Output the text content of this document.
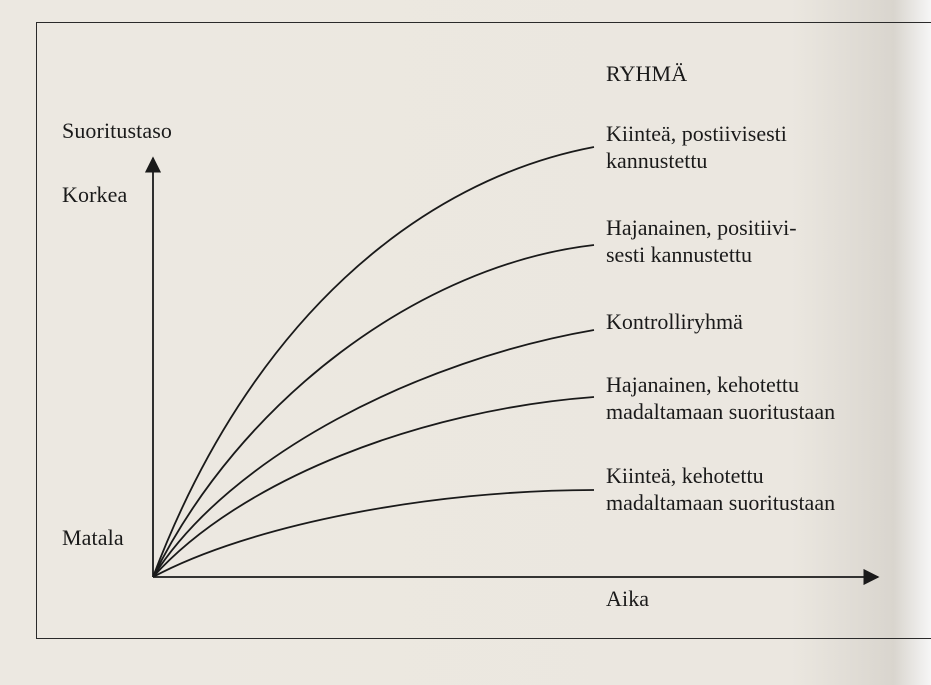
Suoritustaso
Korkea
Matala
Aika
RYHMÄ
Kiinteä, postiivisesti
kannustettu
Hajanainen, positiivi-
sesti kannustettu
Kontrolliryhmä
Hajanainen, kehotettu
madaltamaan suoritustaan
Kiinteä, kehotettu
madaltamaan suoritustaan
